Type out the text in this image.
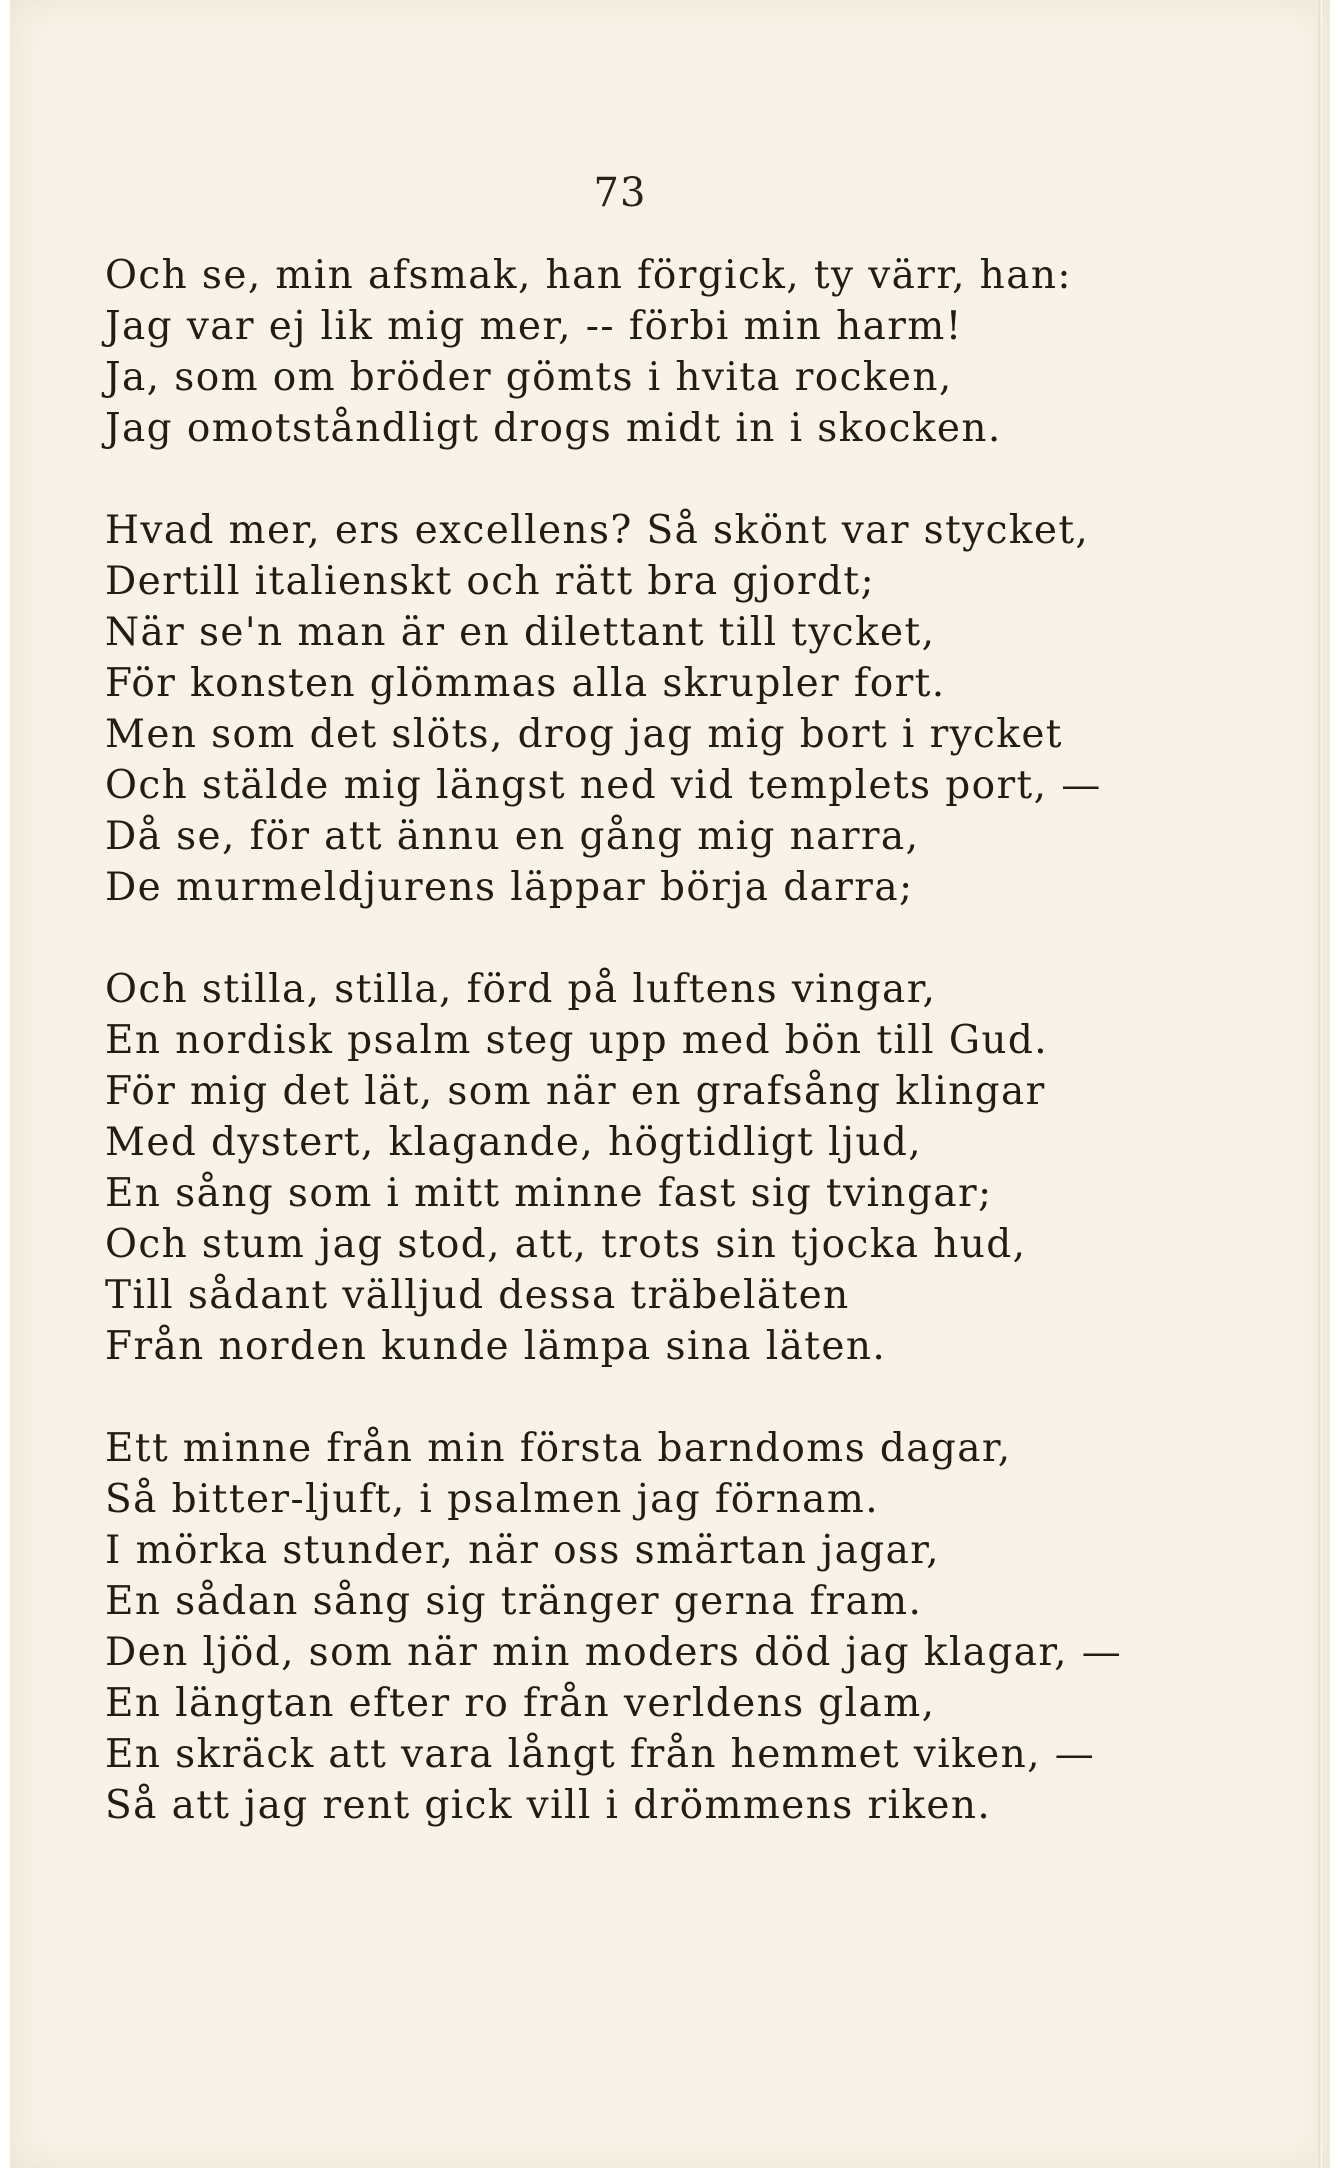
73
Och se, min afsmak, han förgick, ty värr, han:
Jag var ej lik mig mer, -- förbi min harm!
Ja, som om bröder gömts i hvita rocken,
Jag omotståndligt drogs midt in i skocken.
Hvad mer, ers excellens? Så skönt var stycket,
Dertill italienskt och rätt bra gjordt;
När se'n man är en dilettant till tycket,
För konsten glömmas alla skrupler fort.
Men som det slöts, drog jag mig bort i rycket
Och stälde mig längst ned vid templets port, —
Då se, för att ännu en gång mig narra,
De murmeldjurens läppar börja darra;
Och stilla, stilla, förd på luftens vingar,
En nordisk psalm steg upp med bön till Gud.
För mig det lät, som när en grafsång klingar
Med dystert, klagande, högtidligt ljud,
En sång som i mitt minne fast sig tvingar;
Och stum jag stod, att, trots sin tjocka hud,
Till sådant välljud dessa träbeläten
Från norden kunde lämpa sina läten.
Ett minne från min första barndoms dagar,
Så bitter-ljuft, i psalmen jag förnam.
I mörka stunder, när oss smärtan jagar,
En sådan sång sig tränger gerna fram.
Den ljöd, som när min moders död jag klagar, —
En längtan efter ro från verldens glam,
En skräck att vara långt från hemmet viken, —
Så att jag rent gick vill i drömmens riken.
